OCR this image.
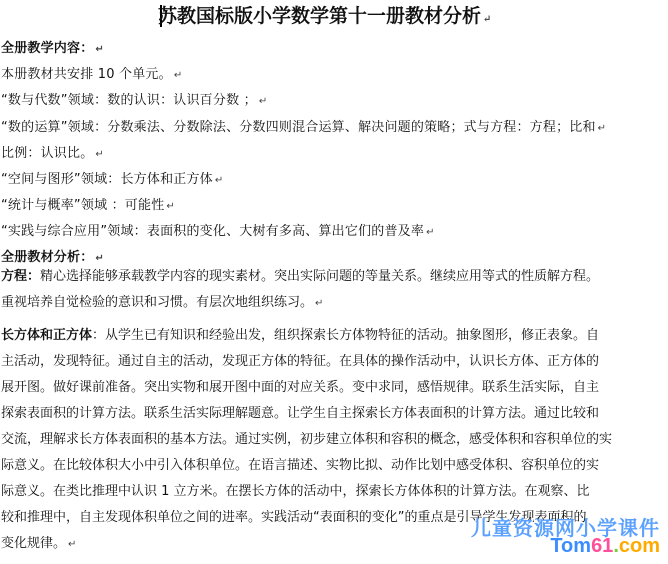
苏教国标版小学数学第十一册教材分析 ↵
全册教学内容： ↵
本册教材共安排 10 个单元。 ↵
“数与代数”领域：数的认识：认识百分数 ； ↵
“数的运算”领域：分数乘法、分数除法、分数四则混合运算、解决问题的策略；式与方程：方程；比和 ↵
比例：认识比。 ↵
“空间与图形”领域：长方体和正方体 ↵
“统计与概率”领域 ：可能性 ↵
“实践与综合应用”领域：表面积的变化、大树有多高、算出它们的普及率 ↵
全册教材分析： ↵
方程：精心选择能够承载教学内容的现实素材。突出实际问题的等量关系。继续应用等式的性质解方程。
重视培养自觉检验的意识和习惯。有层次地组织练习。 ↵
长方体和正方体：从学生已有知识和经验出发，组织探索长方体物特征的活动。抽象图形，修正表象。自
主活动，发现特征。通过自主的活动，发现正方体的特征。在具体的操作活动中，认识长方体、正方体的
展开图。做好课前准备。突出实物和展开图中面的对应关系。变中求同，感悟规律。联系生活实际，自主
探索表面积的计算方法。联系生活实际理解题意。让学生自主探索长方体表面积的计算方法。通过比较和
交流，理解求长方体表面积的基本方法。通过实例，初步建立体积和容积的概念，感受体积和容积单位的实
际意义。在比较体积大小中引入体积单位。在语言描述、实物比拟、动作比划中感受体积、容积单位的实
际意义。在类比推理中认识 1 立方米。在摆长方体的活动中，探索长方体体积的计算方法。在观察、比
较和推理中，自主发现体积单位之间的进率。实践活动“表面积的变化”的重点是引导学生发现表面积的
变化规律。 ↵
儿童资源网小学课件
Tom61.com
